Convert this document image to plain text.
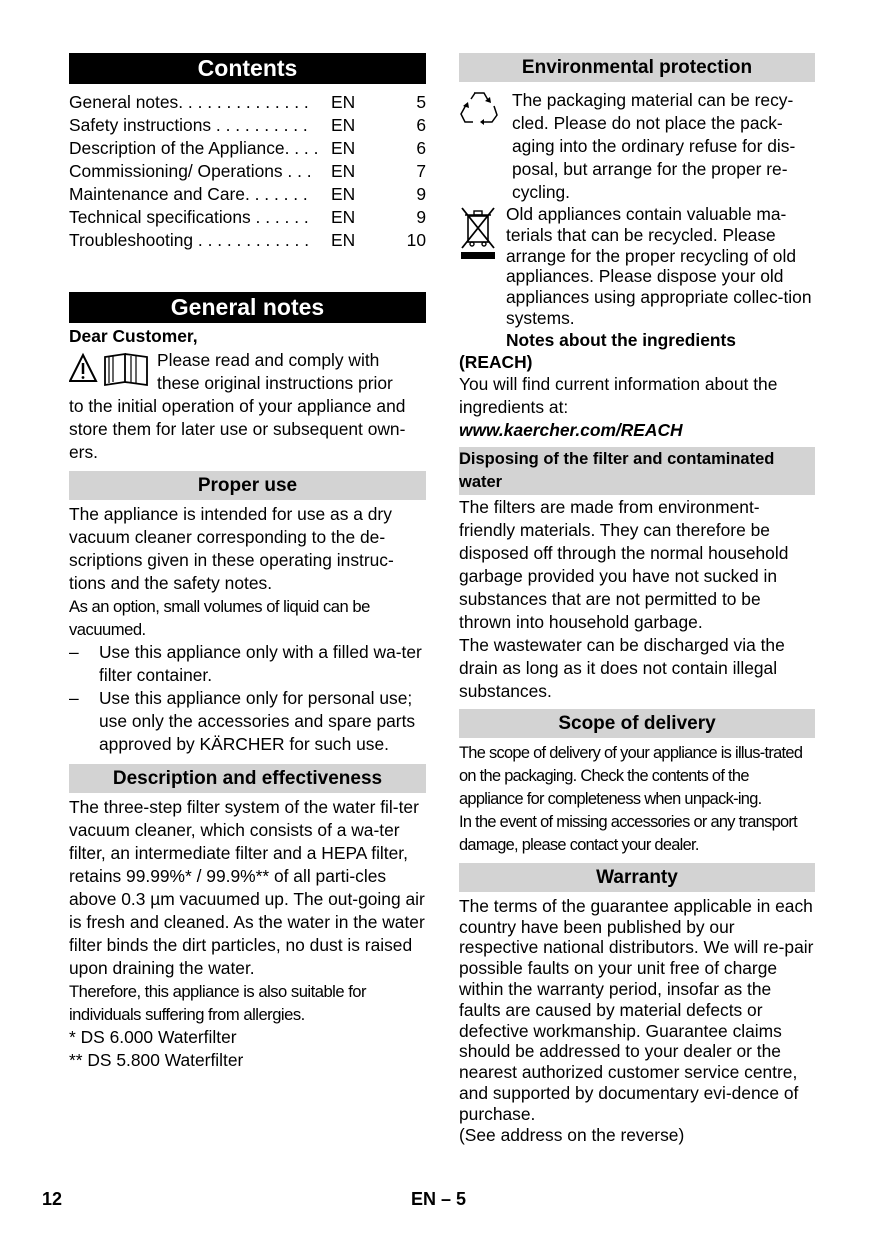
Contents
General notes. . . . . . . . . . . . . .	EN	5
Safety instructions . . . . . . . . . .	EN	6
Description of the Appliance. . . . EN	6
Commissioning/ Operations . . .	EN	7
Maintenance and Care. . . . . . .	EN	9
Technical specifications . . . . . .	EN	9
Troubleshooting . . . . . . . . . . . .	EN	10
General notes

Dear Customer,

Please read and comply with these original instructions prior

to the initial operation of your appliance and store them for later use or subsequent own-ers.

Proper use

The appliance is intended for use as a dry vacuum cleaner corresponding to the de-scriptions given in these operating instruc-tions and the safety notes.

As an option, small volumes of liquid can be vacuumed.

–	Use this appliance only with a filled wa-ter filter container.
–	Use this appliance only for personal use; use only the accessories and spare parts approved by KÄRCHER for such use.
Description and effectiveness

The three-step filter system of the water fil-ter vacuum cleaner, which consists of a wa-ter filter, an intermediate filter and a HEPA filter, retains 99.99%* / 99.9%** of all parti-cles above 0.3 µm vacuumed up. The out-going air is fresh and cleaned. As the water in the water filter binds the dirt particles, no dust is raised upon draining the water.

Therefore, this appliance is also suitable for individuals suffering from allergies.

* DS 6.000 Waterfilter

** DS 5.800 Waterfilter

Environmental protection

The packaging material can be recy-cled. Please do not place the pack-aging into the ordinary refuse for dis-posal, but arrange for the proper re-cycling.

Old appliances contain valuable ma-terials that can be recycled. Please arrange for the proper recycling of old appliances. Please dispose your old appliances using appropriate collec-tion systems.

Notes about the ingredients

(REACH)

You will find current information about the ingredients at:

www.kaercher.com/REACH

Disposing of the filter and contaminated water

The filters are made from environment-friendly materials. They can therefore be disposed off through the normal household garbage provided you have not sucked in substances that are not permitted to be thrown into household garbage.

The wastewater can be discharged via the drain as long as it does not contain illegal substances.

Scope of delivery

The scope of delivery of your appliance is illus-trated on the packaging. Check the contents of the appliance for completeness when unpack-ing.

In the event of missing accessories or any transport damage, please contact your dealer.

Warranty

The terms of the guarantee applicable in each country have been published by our respective national distributors. We will re-pair possible faults on your unit free of charge within the warranty period, insofar as the faults are caused by material defects or defective workmanship. Guarantee claims should be addressed to your dealer or the nearest authorized customer service centre, and supported by documentary evi-dence of purchase.

(See address on the reverse)

12	EN – 5
